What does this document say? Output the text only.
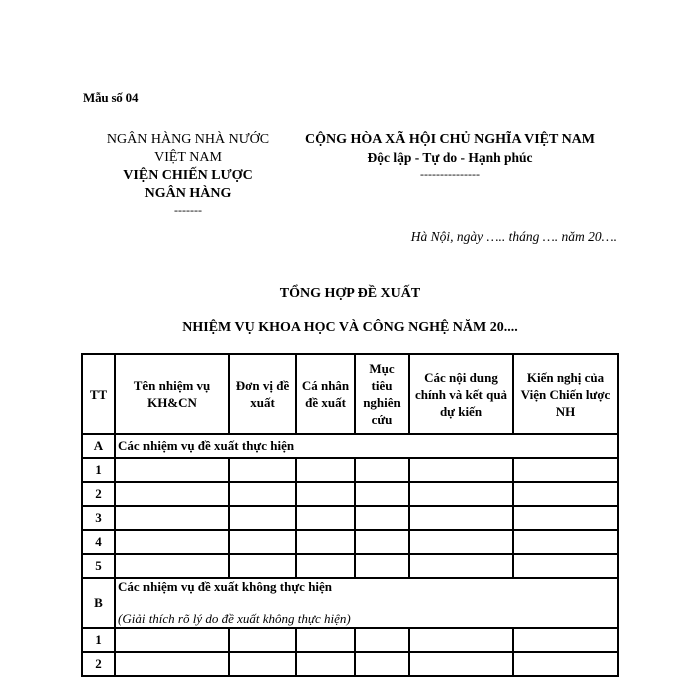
Mẫu số 04
NGÂN HÀNG NHÀ NƯỚC
VIỆT NAM
VIỆN CHIẾN LƯỢC
NGÂN HÀNG
-------
CỘNG HÒA XÃ HỘI CHỦ NGHĨA VIỆT NAM
Độc lập - Tự do - Hạnh phúc
---------------
Hà Nội, ngày ….. tháng …. năm 20….
TỔNG HỢP ĐỀ XUẤT
NHIỆM VỤ KHOA HỌC VÀ CÔNG NGHỆ NĂM 20....
TT	Tên nhiệm vụ KH&CN	Đơn vị đề xuất	Cá nhân đề xuất	Mục tiêu nghiên cứu	Các nội dung chính và kết quả dự kiến	Kiến nghị của Viện Chiến lược NH
A	Các nhiệm vụ đề xuất thực hiện					
1						
2						
3						
4						
5						
B	Các nhiệm vụ đề xuất không thực hiện
(Giải thích rõ lý do đề xuất không thực hiện)					

1						
2						
